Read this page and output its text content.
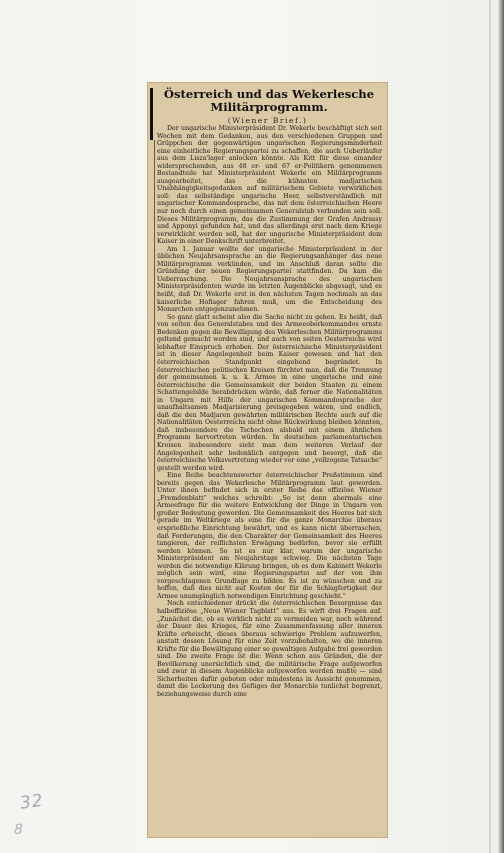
Österreich und das Wekerlesche Militärprogramm.

(Wiener Brief.)

Der ungarische Ministerpräsident Dr. Wekerle beschäftigt sich seit Wochen mit dem Gedanken, aus den verschiedenen Gruppen und Grüppchen der gegenwärtigen ungarischen Regierungsminderheit eine einheitliche Regierungspartei zu schaffen, die auch Ueberläufer aus dem Lisza'lager anlocken könnte. Als Kitt für diese einander widersprechenden, aus 48 er- und 67 er-Politikern genommenen Bestandteile hat Ministerpräsident Wekerle ein Militärprogramm ausgearbeitet, das die kühnsten madjarischen Unabhängigkeitsgedanken auf militärischem Gebiete verwirklichen soll: das selbständige ungarische Heer, selbstverständlich mit ungarischer Kommandosprache, das mit dem österreichischen Heere nur noch durch einen gemeinsamen Generalstab verbunden sein soll. Dieses Militärprogramm, das die Zustimmung der Grafen Andrassy und Apponyi gefunden hat, und das allerdings erst nach dem Kriege verwirklicht werden soll, hat der ungarische Ministerpräsident dem Kaiser in einer Denkschrift unterbreitet.

Am 1. Januar wollte der ungarische Ministerpräsident in der üblichen Neujahrsansprache an die Regierungsanhänger das neue Militärprogramm verkünden, und im Anschluß daran sollte die Gründung der neuen Regierungspartei stattfinden. Da kam die Ueberraschung. Die Neujahrsansprache des ungarischen Ministerpräsidenten wurde im letzten Augenblicke abgesagt, und es heißt, daß Dr. Wekerle erst in den nächsten Tagen nochmals an das kaiserliche Hoflager fahren muß, um die Entscheidung des Monarchen entgegenzunehmen.

So ganz glatt scheint also die Sache nicht zu gehen. Es heißt, daß von seiten des Generalstabes und des Armeeoberkommandos ernste Bedenken gegen die Bewilligung des Wekerleschen Militärprogramms geltend gemacht worden sind, und auch von seiten Oesterreichs wird lebhafter Einspruch erhoben. Der österreichische Ministerpräsident ist in dieser Angelegenheit beim Kaiser gewesen und hat den österreichischen Standpunkt eingehend begründet. In österreichischen politischen Kreisen fürchtet man, daß die Trennung der gemeinsamen k. u. k. Armee in eine ungarische und eine österreichische die Gemeinsamkeit der beiden Staaten zu einem Schattengebilde herabdrücken würde, daß ferner die Nationalitäten in Ungarn mit Hilfe der ungarischen Kommandosprache der unaufhaltsamen Madjarisierung preisgegeben wären, und endlich, daß die den Madjaren gewährten militärischen Rechte auch auf die Nationalitäten Oesterreichs nicht ohne Rückwirkung bleiben könnten, daß insbesondere die Tschechen alsbald mit einem ähnlichen Programm hervortreten würden. In deutschen parlamentarischen Kreisen insbesondere sieht man dem weiteren Verlauf der Angelegenheit sehr bedenklich entgegen und besorgt, daß die österreichische Volksvertretung wieder vor eine „vollzogene Tatsache“ gestellt werden wird.

Eine Reihe beachtenswerter österreichischer Preßstimmen sind bereits gegen das Wekerlesche Militärprogramm laut geworden. Unter ihnen befindet sich in erster Reihe das offiziöse Wiener „Fremdenblatt“ welches schreibt: „So ist denn abermals eine Armeefrage für die weitere Entwicklung der Dinge in Ungarn von großer Bedeutung geworden. Die Gemeinsamkeit des Heeres hat sich gerade im Weltkriege als eine für die ganze Monarchie überaus ersprießliche Einrichtung bewährt, und es kann nicht überraschen, daß Forderungen, die den Charakter der Gemeinsamkeit des Heeres tangieren, der reiflichsten Erwägung bedürfen, bevor sie erfüllt werden können. So ist es nur klar, warum der ungarische Ministerpräsident am Neujahrstage schwieg. Die nächsten Tage werden die notwendige Klärung bringen, ob es dem Kabinett Wekerle möglich sein wird, eine Regierungspartei auf der von ihm vorgeschlagenen Grundlage zu bilden. Es ist zu wünschen und zu hoffen, daß dies nicht auf Kosten der für die Schlagfertigkeit der Armee unumgänglich notwendigen Einrichtung geschieht.“

Noch entschiedener drückt die österreichischen Besorgnisse das halboffiziöse „Neue Wiener Tagblatt“ aus. Es wirft drei Fragen auf. „Zunächst die, ob es wirklich nicht zu vermeiden war, noch während der Dauer des Krieges, für eine Zusammenfassung aller inneren Kräfte erheischt, dieses überaus schwierige Problem aufzuwerfen, anstatt dessen Lösung für eine Zeit vorzubehalten, wo die inneren Kräfte für die Bewältigung einer so gewaltigen Aufgabe frei geworden sind. Die zweite Frage ist die: Wenn schon aus Gründen, die der Bevölkerung unersichtlich sind, die militärische Frage aufgeworfen und zwar in diesem Augenblicke aufgeworfen werden mußte — sind Sicherheiten dafür geboten oder mindestens in Aussicht genommen, damit die Lockerung des Gefüges der Monarchie tunlichst begrenzt, beziehungsweise durch eine

32

8
